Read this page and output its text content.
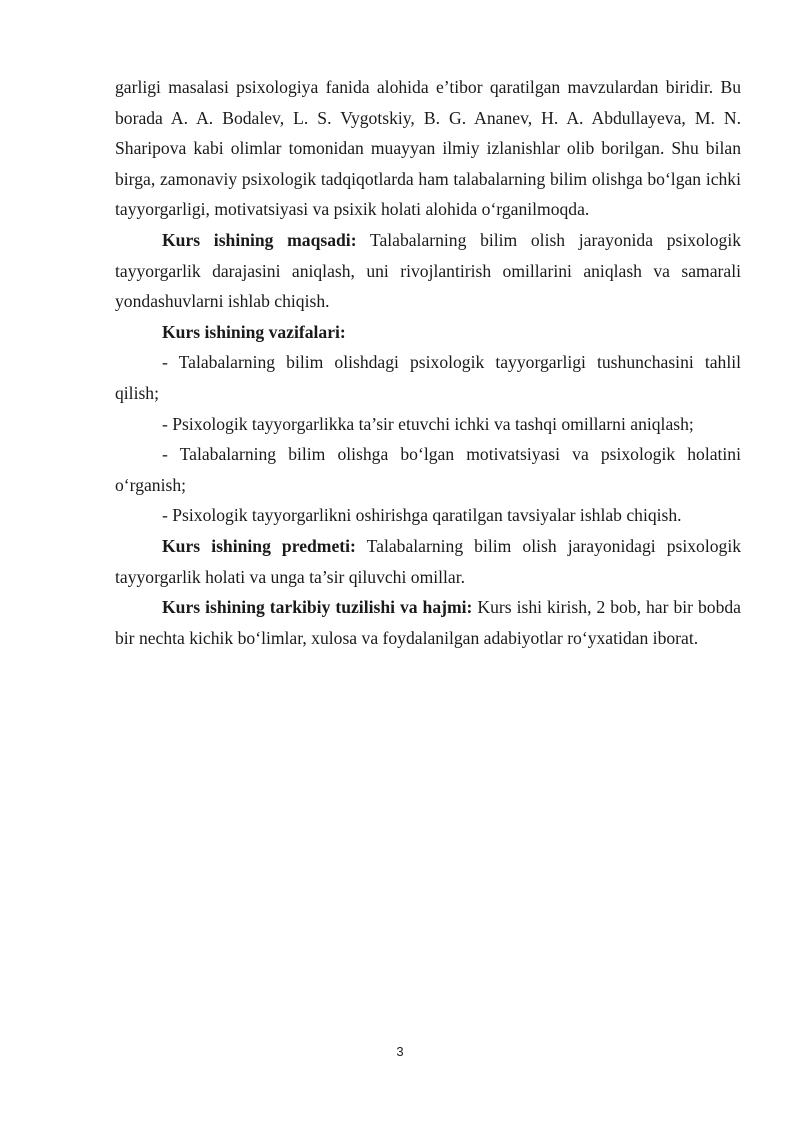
garligi masalasi psixologiya fanida alohida e’tibor qaratilgan mavzulardan biridir. Bu borada A. A. Bodalev, L. S. Vygotskiy, B. G. Ananev, H. A. Abdullayeva, M. N. Sharipova kabi olimlar tomonidan muayyan ilmiy izlanishlar olib borilgan. Shu bilan birga, zamonaviy psixologik tadqiqotlarda ham talabalarning bilim olishga bo‘lgan ichki tayyorgarligi, motivatsiyasi va psixik holati alohida o‘rganilmoqda.

Kurs ishining maqsadi: Talabalarning bilim olish jarayonida psixologik tayyorgarlik darajasini aniqlash, uni rivojlantirish omillarini aniqlash va samarali yondashuvlarni ishlab chiqish.

Kurs ishining vazifalari:

- Talabalarning bilim olishdagi psixologik tayyorgarligi tushunchasini tahlil qilish;

- Psixologik tayyorgarlikka ta’sir etuvchi ichki va tashqi omillarni aniqlash;

- Talabalarning bilim olishga bo‘lgan motivatsiyasi va psixologik holatini o‘rganish;

- Psixologik tayyorgarlikni oshirishga qaratilgan tavsiyalar ishlab chiqish.

Kurs ishining predmeti: Talabalarning bilim olish jarayonidagi psixologik tayyorgarlik holati va unga ta’sir qiluvchi omillar.

Kurs ishining tarkibiy tuzilishi va hajmi: Kurs ishi kirish, 2 bob, har bir bobda bir nechta kichik bo‘limlar, xulosa va foydalanilgan adabiyotlar ro‘yxatidan iborat.

3
